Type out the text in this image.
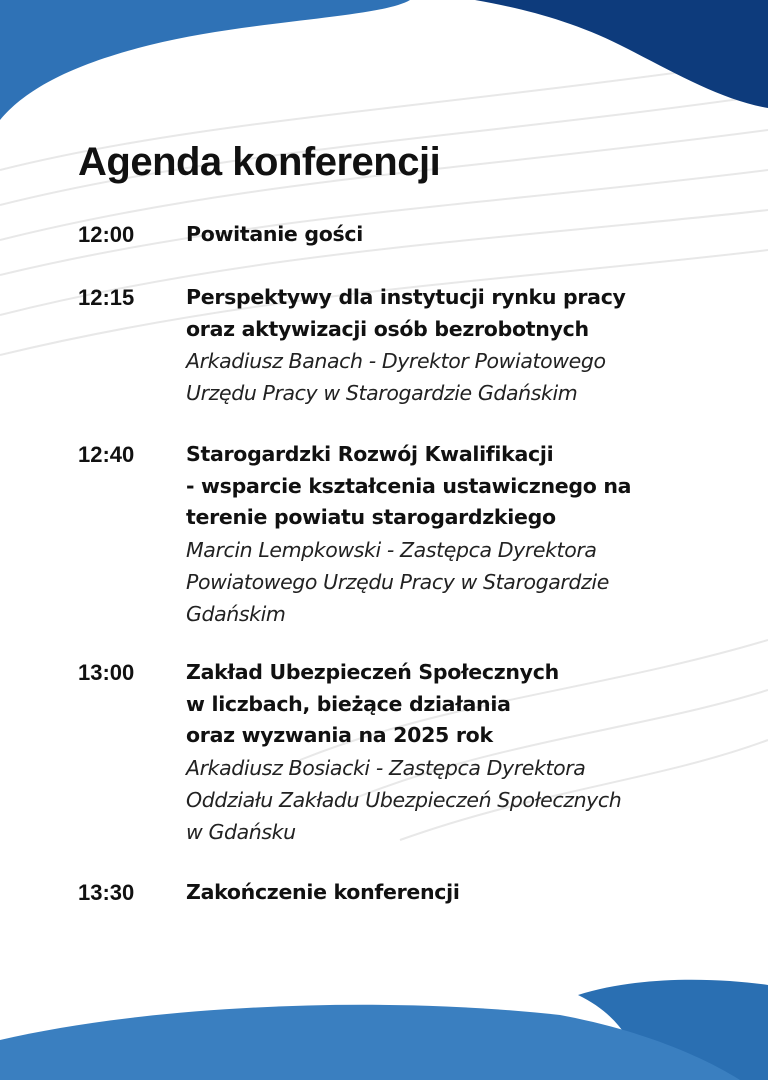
Agenda konferencji
12:00	Powitanie gości
12:15	Perspektywy dla instytucji rynku pracy
oraz aktywizacji osób bezrobotnych
Arkadiusz Banach - Dyrektor Powiatowego
Urzędu Pracy w Starogardzie Gdańskim
12:40	Starogardzki Rozwój Kwalifikacji
- wsparcie kształcenia ustawicznego na
terenie powiatu starogardzkiego
Marcin Lempkowski - Zastępca Dyrektora
Powiatowego Urzędu Pracy w Starogardzie
Gdańskim
13:00	Zakład Ubezpieczeń Społecznych
w liczbach, bieżące działania
oraz wyzwania na 2025 rok
Arkadiusz Bosiacki - Zastępca Dyrektora
Oddziału Zakładu Ubezpieczeń Społecznych
w Gdańsku
13:30	Zakończenie konferencji
